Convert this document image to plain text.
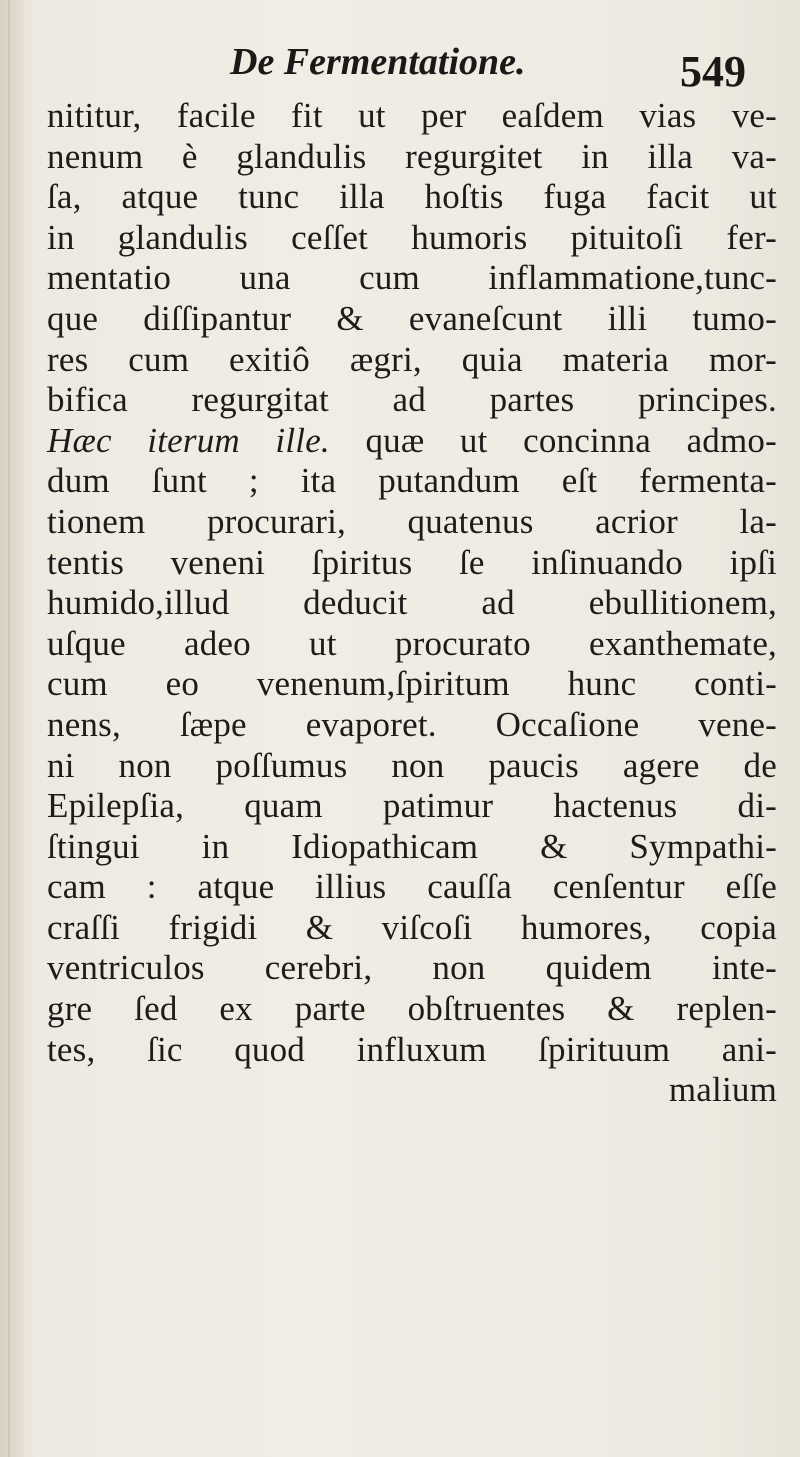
De Fermentatione.	549
nititur, facile fit ut per eaſdem vias ve-
nenum è glandulis regurgitet in illa va-
ſa, atque tunc illa hoſtis fuga facit ut
in glandulis ceſſet humoris pituitoſi fer-
mentatio una cum inflammatione,tunc-
que diſſipantur & evaneſcunt illi tumo-
res cum exitiô ægri, quia materia mor-
bifica regurgitat ad partes principes.
Hæc iterum ille. quæ ut concinna admo-
dum ſunt ; ita putandum eſt fermenta-
tionem procurari, quatenus acrior la-
tentis veneni ſpiritus ſe inſinuando ipſi
humido,illud deducit ad ebullitionem,
uſque adeo ut procurato exanthemate,
cum eo venenum,ſpiritum hunc conti-
nens, ſæpe evaporet. Occaſione vene-
ni non poſſumus non paucis agere de
Epilepſia, quam patimur hactenus di-
ſtingui in Idiopathicam & Sympathi-
cam : atque illius cauſſa cenſentur eſſe
craſſi frigidi & viſcoſi humores, copia
ventriculos cerebri, non quidem inte-
gre ſed ex parte obſtruentes & replen-
tes, ſic quod influxum ſpirituum ani-
malium
